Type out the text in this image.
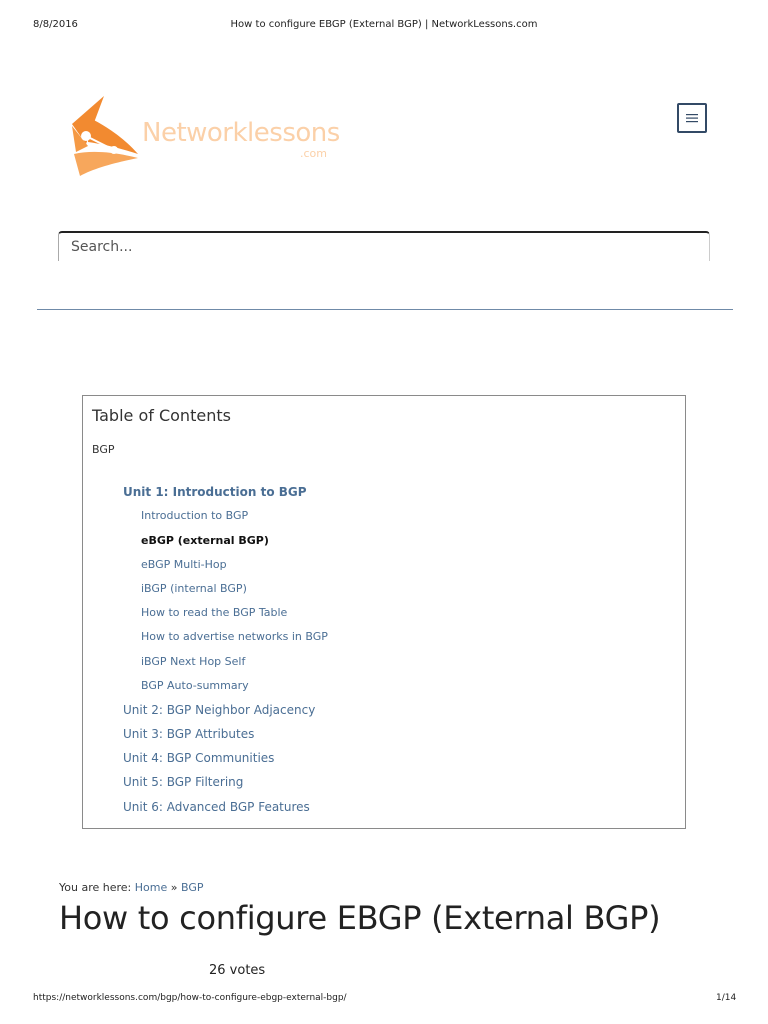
8/8/2016	How to configure EBGP (External BGP) | NetworkLessons.com
Networklessons
.com
Search...
Table of Contents
BGP
Unit 1: Introduction to BGP
Introduction to BGP
eBGP (external BGP)
eBGP Multi-Hop
iBGP (internal BGP)
How to read the BGP Table
How to advertise networks in BGP
iBGP Next Hop Self
BGP Auto-summary
Unit 2: BGP Neighbor Adjacency
Unit 3: BGP Attributes
Unit 4: BGP Communities
Unit 5: BGP Filtering
Unit 6: Advanced BGP Features
You are here: Home » BGP
How to configure EBGP (External BGP)
26 votes
https://networklessons.com/bgp/how-to-configure-ebgp-external-bgp/	1/14
